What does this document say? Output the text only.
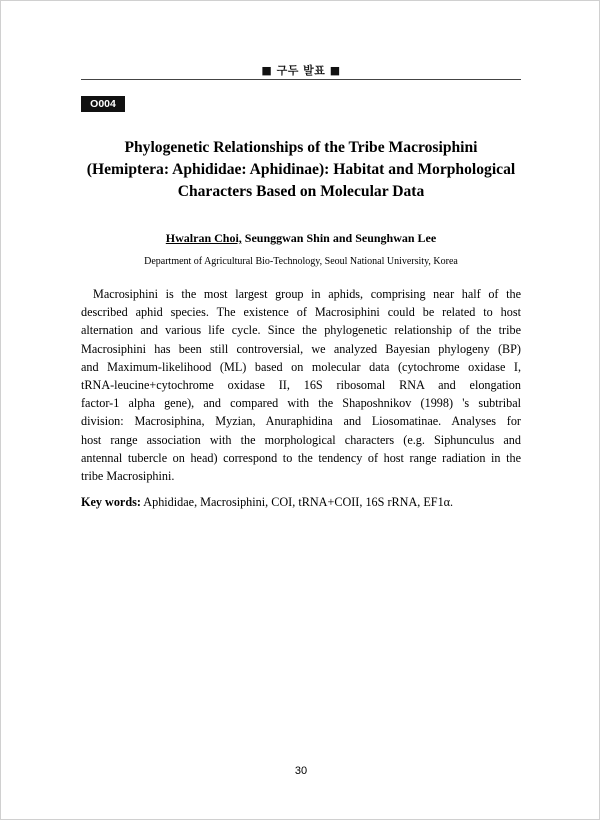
■ 구두 발표 ■
O004
Phylogenetic Relationships of the Tribe Macrosiphini
(Hemiptera: Aphididae: Aphidinae): Habitat and Morphological
Characters Based on Molecular Data
Hwalran Choi, Seunggwan Shin and Seunghwan Lee
Department of Agricultural Bio-Technology, Seoul National University, Korea
Macrosiphini is the most largest group in aphids, comprising near half of the
described aphid species. The existence of Macrosiphini could be related to host
alternation and various life cycle. Since the phylogenetic relationship of the tribe
Macrosiphini has been still controversial, we analyzed Bayesian phylogeny (BP)
and Maximum-likelihood (ML) based on molecular data (cytochrome oxidase I,
tRNA-leucine+cytochrome oxidase II, 16S ribosomal RNA and elongation
factor-1 alpha gene), and compared with the Shaposhnikov (1998) 's subtribal
division: Macrosiphina, Myzian, Anuraphidina and Liosomatinae. Analyses for
host range association with the morphological characters (e.g. Siphunculus and
antennal tubercle on head) correspond to the tendency of host range radiation in the
tribe Macrosiphini.
Key words: Aphididae, Macrosiphini, COI, tRNA+COII, 16S rRNA, EF1α.
30
